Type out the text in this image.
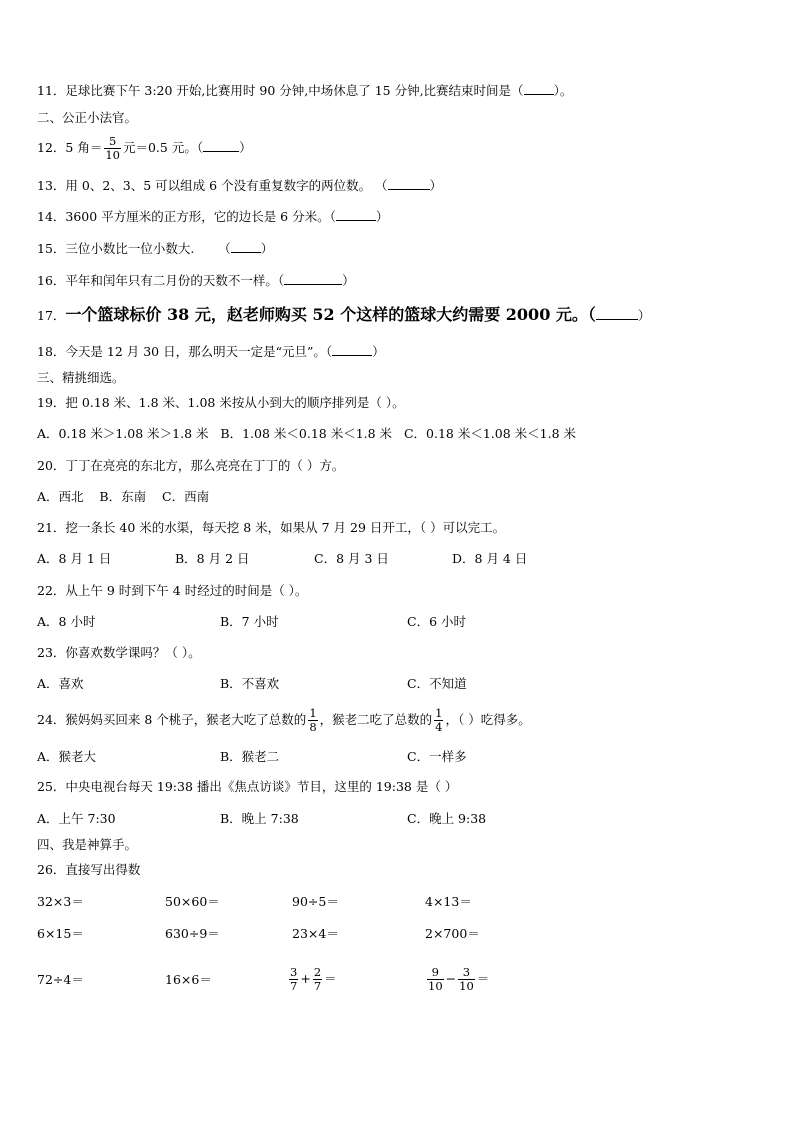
11．足球比赛下午 3:20 开始,比赛用时 90 分钟,中场休息了 15 分钟,比赛结束时间是（ ）。
二、公正小法官。
12．5 角＝ $\frac{5}{10}$ 元＝0.5 元。（	）
13．用 0、2、3、5 可以组成 6 个没有重复数字的两位数。 （	）
14．3600 平方厘米的正方形，它的边长是 6 分米。（	）
15．三位小数比一位小数大.      （ ）
16．平年和闰年只有二月份的天数不一样。（	）
17．一个篮球标价 38 元，赵老师购买 52 个这样的篮球大约需要 2000 元。（	）
18．今天是 12 月 30 日，那么明天一定是“元旦”。（	）
三、精挑细选。
19．把 0.18 米、1.8 米、1.08 米按从小到大的顺序排列是（ ）。
A．0.18 米＞1.08 米＞1.8 米   B．1.08 米＜0.18 米＜1.8 米   C．0.18 米＜1.08 米＜1.8 米
20．丁丁在亮亮的东北方，那么亮亮在丁丁的（ ）方。
A．西北    B．东南    C．西南
21．挖一条长 40 米的水渠，每天挖 8 米，如果从 7 月 29 日开工，（ ）可以完工。
A．8 月 1 日	B．8 月 2 日	C．8 月 3 日	D．8 月 4 日
22．从上午 9 时到下午 4 时经过的时间是（ ）。
A．8 小时	B．7 小时	C．6 小时
23．你喜欢数学课吗？（ ）。
A．喜欢	B．不喜欢	C．不知道
24．猴妈妈买回来 8 个桃子，猴老大吃了总数的 $\frac{1}{8}$ ，猴老二吃了总数的 $\frac{1}{4}$ ，（ ）吃得多。
A．猴老大	B．猴老二	C．一样多
25．中央电视台每天 19:38 播出《焦点访谈》节目，这里的 19:38 是（ ）
A．上午 7:30	B．晚上 7:38	C．晚上 9:38
四、我是神算手。
26．直接写出得数
32×3＝	50×60＝	90÷5＝	4×13＝
6×15＝	630÷9＝	23×4＝	2×700＝
72÷4＝	16×6＝	$\frac{3}{7} + \frac{2}{7}$ ＝	$\frac{9}{10} - \frac{3}{10}$ ＝
